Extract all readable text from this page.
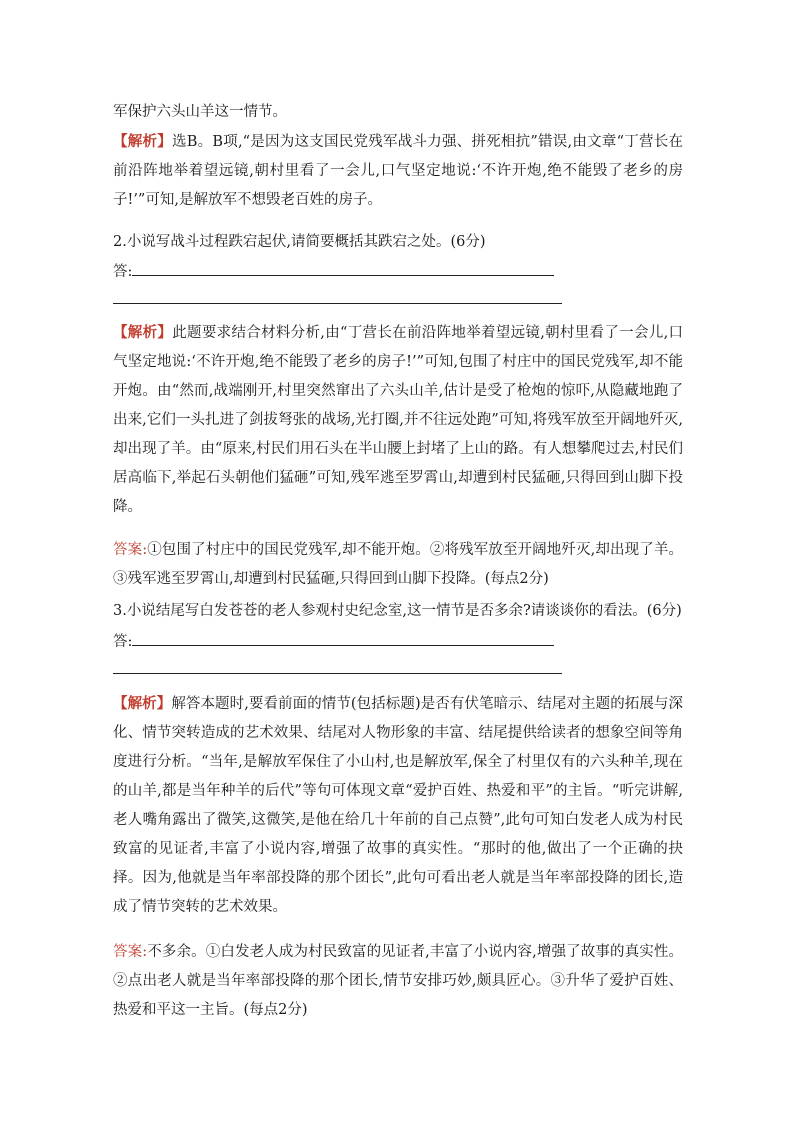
军保护六头山羊这一情节。

【解析】选B。B项,“是因为这支国民党残军战斗力强、拼死相抗”错误,由文章“丁营长在前沿阵地举着望远镜,朝村里看了一会儿,口气坚定地说:‘不许开炮,绝不能毁了老乡的房子!’”可知,是解放军不想毁老百姓的房子。

2.小说写战斗过程跌宕起伏,请简要概括其跌宕之处。(6分)

答:

【解析】此题要求结合材料分析,由“丁营长在前沿阵地举着望远镜,朝村里看了一会儿,口气坚定地说:‘不许开炮,绝不能毁了老乡的房子!’”可知,包围了村庄中的国民党残军,却不能开炮。由“然而,战端刚开,村里突然窜出了六头山羊,估计是受了枪炮的惊吓,从隐藏地跑了出来,它们一头扎进了剑拔弩张的战场,光打圈,并不往远处跑”可知,将残军放至开阔地歼灭,却出现了羊。由“原来,村民们用石头在半山腰上封堵了上山的路。有人想攀爬过去,村民们居高临下,举起石头朝他们猛砸”可知,残军逃至罗霄山,却遭到村民猛砸,只得回到山脚下投降。

答案:①包围了村庄中的国民党残军,却不能开炮。②将残军放至开阔地歼灭,却出现了羊。③残军逃至罗霄山,却遭到村民猛砸,只得回到山脚下投降。(每点2分)

3.小说结尾写白发苍苍的老人参观村史纪念室,这一情节是否多余?请谈谈你的看法。(6分)

答:

【解析】解答本题时,要看前面的情节(包括标题)是否有伏笔暗示、结尾对主题的拓展与深化、情节突转造成的艺术效果、结尾对人物形象的丰富、结尾提供给读者的想象空间等角度进行分析。“当年,是解放军保住了小山村,也是解放军,保全了村里仅有的六头种羊,现在的山羊,都是当年种羊的后代”等句可体现文章“爱护百姓、热爱和平”的主旨。“听完讲解,老人嘴角露出了微笑,这微笑,是他在给几十年前的自己点赞”,此句可知白发老人成为村民致富的见证者,丰富了小说内容,增强了故事的真实性。“那时的他,做出了一个正确的抉择。因为,他就是当年率部投降的那个团长”,此句可看出老人就是当年率部投降的团长,造成了情节突转的艺术效果。

答案:不多余。①白发老人成为村民致富的见证者,丰富了小说内容,增强了故事的真实性。②点出老人就是当年率部投降的那个团长,情节安排巧妙,颇具匠心。③升华了爱护百姓、热爱和平这一主旨。(每点2分)
